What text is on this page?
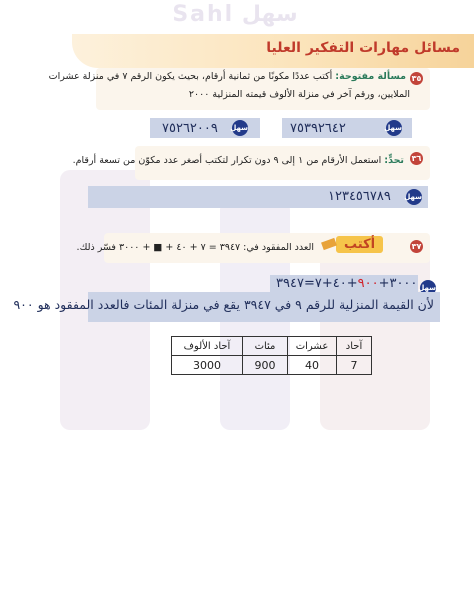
سهل Sahl
مسائل مهارات التفكير العليا
٣٥
مسألة مفتوحة: أكتب عددًا مكونًا من ثمانية أرقام، بحيث يكون الرقم ٧ في منزلة عشرات
الملايين، ورقم آخر في منزلة الألوف قيمته المنزلية ٢٠٠٠
٧٥٢٦٢٠٠٩ سهل	٧٥٣٩٢٦٤٢	سهل
٣٦
تحدٍّ: استعمل الأرقام من ١ إلى ٩ دون تكرار لتكتب أصغر عدد مكوّن من تسعة أرقام.
١٢٣٤٥٦٧٨٩ سهل
٣٧
أكتب
العدد المفقود في: ٣٩٤٧ = ٧ + ٤٠ + ■ + ٣٠٠٠ فسّر ذلك.
٣٠٠٠+٩٠٠+٤٠+٧=٣٩٤٧	سهل
لأن القيمة المنزلية للرقم ٩ في ٣٩٤٧ يقع في منزلة المئات فالعدد المفقود هو ٩٠٠
آحاد	عشرات	مئات	آحاد الألوف
7	40	900	3000
